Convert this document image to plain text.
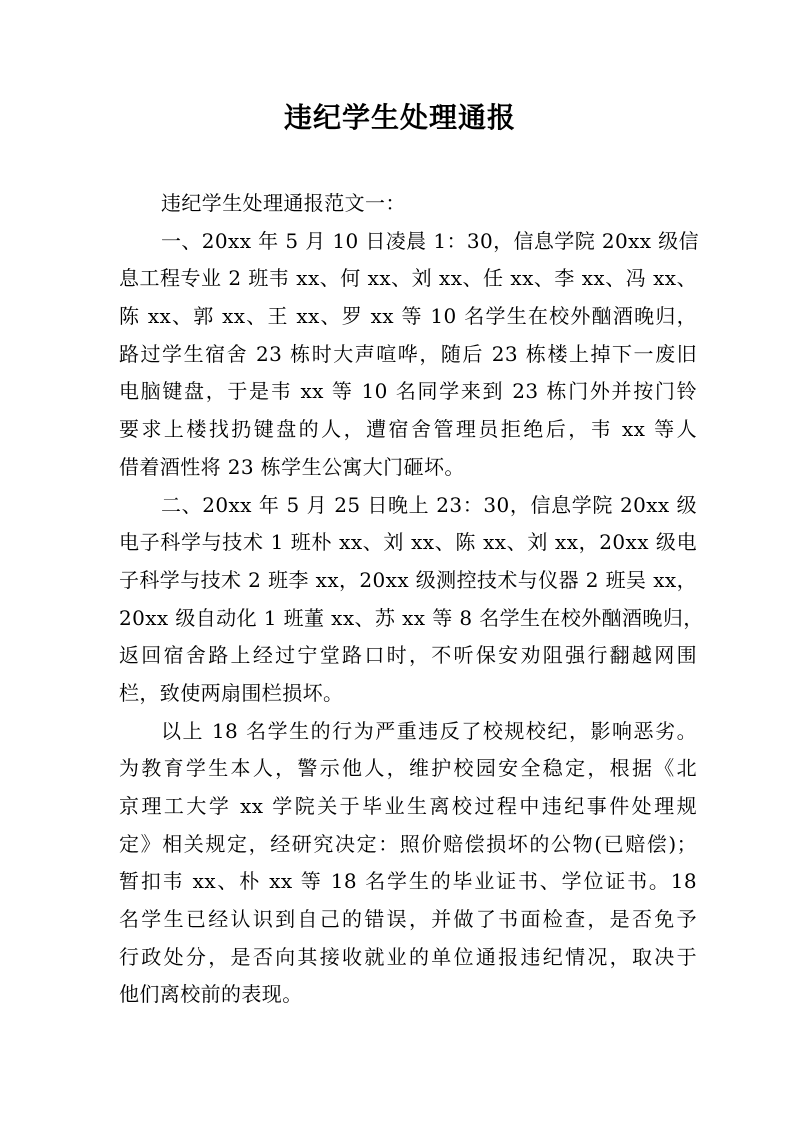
违纪学生处理通报
违纪学生处理通报范文一：
一、20xx 年 5 月 10 日凌晨 1：30，信息学院 20xx 级信
息工程专业 2 班韦 xx、何 xx、刘 xx、任 xx、李 xx、冯 xx、
陈 xx、郭 xx、王 xx、罗 xx 等 10 名学生在校外酗酒晚归，
路过学生宿舍 23 栋时大声喧哗，随后 23 栋楼上掉下一废旧
电脑键盘，于是韦 xx 等 10 名同学来到 23 栋门外并按门铃
要求上楼找扔键盘的人，遭宿舍管理员拒绝后，韦 xx 等人
借着酒性将 23 栋学生公寓大门砸坏。
二、20xx 年 5 月 25 日晚上 23：30，信息学院 20xx 级
电子科学与技术 1 班朴 xx、刘 xx、陈 xx、刘 xx，20xx 级电
子科学与技术 2 班李 xx，20xx 级测控技术与仪器 2 班吴 xx，
20xx 级自动化 1 班董 xx、苏 xx 等 8 名学生在校外酗酒晚归，
返回宿舍路上经过宁堂路口时，不听保安劝阻强行翻越网围
栏，致使两扇围栏损坏。
以上 18 名学生的行为严重违反了校规校纪，影响恶劣。
为教育学生本人，警示他人，维护校园安全稳定，根据《北
京理工大学 xx 学院关于毕业生离校过程中违纪事件处理规
定》相关规定，经研究决定：照价赔偿损坏的公物(已赔偿)；
暂扣韦 xx、朴 xx 等 18 名学生的毕业证书、学位证书。18
名学生已经认识到自己的错误，并做了书面检查，是否免予
行政处分，是否向其接收就业的单位通报违纪情况，取决于
他们离校前的表现。
